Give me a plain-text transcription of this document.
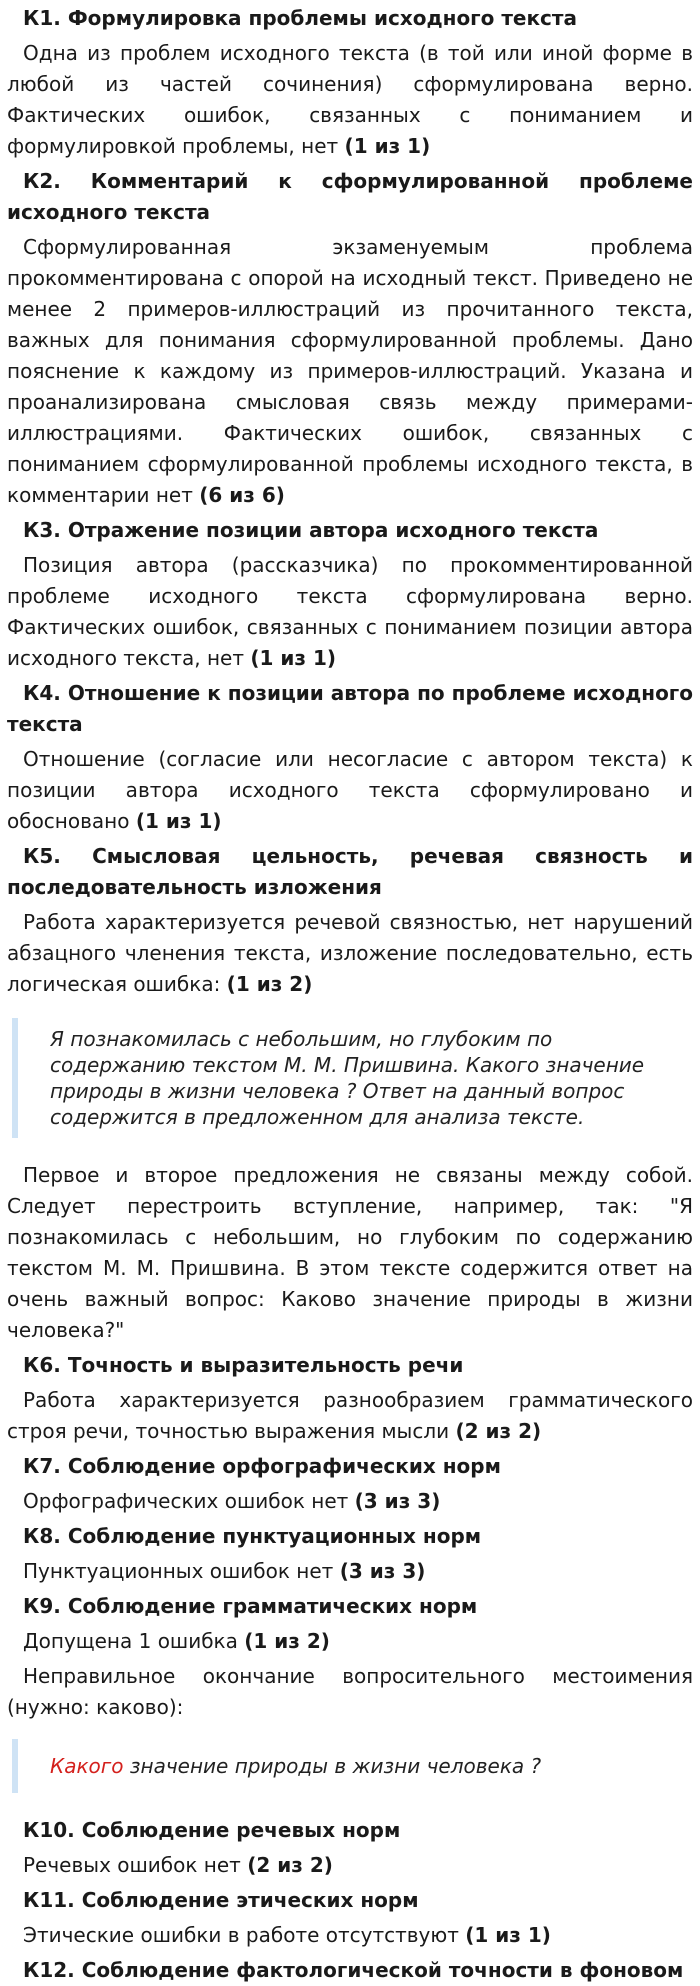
К1. Формулировка проблемы исходного текста

Одна из проблем исходного текста (в той или иной форме в любой из частей сочинения) сформулирована верно. Фактических ошибок, связанных с пониманием и формулировкой проблемы, нет (1 из 1)

К2. Комментарий к сформулированной проблеме исходного текста

Сформулированная экзаменуемым проблема прокомментирована с опорой на исходный текст. Приведено не менее 2 примеров-иллюстраций из прочитанного текста, важных для понимания сформулированной проблемы. Дано пояснение к каждому из примеров-иллюстраций. Указана и проанализирована смысловая связь между примерами-иллюстрациями. Фактических ошибок, связанных с пониманием сформулированной проблемы исходного текста, в комментарии нет (6 из 6)

К3. Отражение позиции автора исходного текста

Позиция автора (рассказчика) по прокомментированной проблеме исходного текста сформулирована верно. Фактических ошибок, связанных с пониманием позиции автора исходного текста, нет (1 из 1)

К4. Отношение к позиции автора по проблеме исходного текста

Отношение (согласие или несогласие с автором текста) к позиции автора исходного текста сформулировано и обосновано (1 из 1)

К5. Смысловая цельность, речевая связность и последовательность изложения

Работа характеризуется речевой связностью, нет нарушений абзацного членения текста, изложение последовательно, есть логическая ошибка: (1 из 2)

Я познакомилась с небольшим, но глубоким по содержанию текстом М. М. Пришвина. Какого значение природы в жизни человека ? Ответ на данный вопрос содержится в предложенном для анализа тексте.

Первое и второе предложения не связаны между собой. Следует перестроить вступление, например, так: "Я познакомилась с небольшим, но глубоким по содержанию текстом М. М. Пришвина. В этом тексте содержится ответ на очень важный вопрос: Каково значение природы в жизни человека?"

К6. Точность и выразительность речи

Работа характеризуется разнообразием грамматического строя речи, точностью выражения мысли (2 из 2)

К7. Соблюдение орфографических норм

Орфографических ошибок нет (3 из 3)

К8. Соблюдение пунктуационных норм

Пунктуационных ошибок нет (3 из 3)

К9. Соблюдение грамматических норм

Допущена 1 ошибка (1 из 2)

Неправильное окончание вопросительного местоимения (нужно: каково):

Какого значение природы в жизни человека ?
К10. Соблюдение речевых норм

Речевых ошибок нет (2 из 2)

К11. Соблюдение этических норм

Этические ошибки в работе отсутствуют (1 из 1)

К12. Соблюдение фактологической точности в фоновом
